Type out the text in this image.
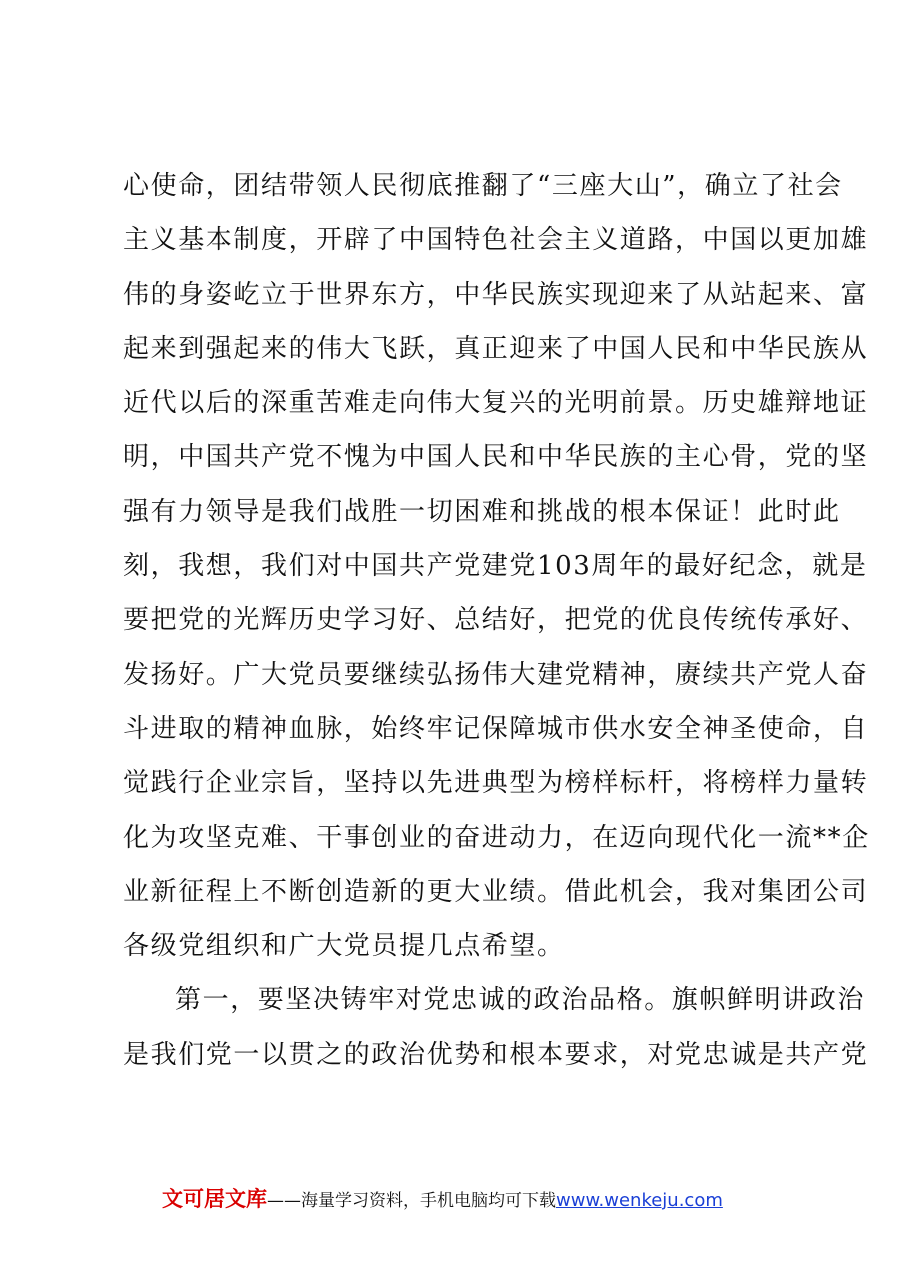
心使命，团结带领人民彻底推翻了“三座大山”，确立了社会
主义基本制度，开辟了中国特色社会主义道路，中国以更加雄
伟的身姿屹立于世界东方，中华民族实现迎来了从站起来、富
起来到强起来的伟大飞跃，真正迎来了中国人民和中华民族从
近代以后的深重苦难走向伟大复兴的光明前景。历史雄辩地证
明，中国共产党不愧为中国人民和中华民族的主心骨，党的坚
强有力领导是我们战胜一切困难和挑战的根本保证！此时此
刻，我想，我们对中国共产党建党103周年的最好纪念，就是
要把党的光辉历史学习好、总结好，把党的优良传统传承好、
发扬好。广大党员要继续弘扬伟大建党精神，赓续共产党人奋
斗进取的精神血脉，始终牢记保障城市供水安全神圣使命，自
觉践行企业宗旨，坚持以先进典型为榜样标杆，将榜样力量转
化为攻坚克难、干事创业的奋进动力，在迈向现代化一流**企
业新征程上不断创造新的更大业绩。借此机会，我对集团公司
各级党组织和广大党员提几点希望。
第一，要坚决铸牢对党忠诚的政治品格。旗帜鲜明讲政治
是我们党一以贯之的政治优势和根本要求，对党忠诚是共产党
文可居文库——海量学习资料，手机电脑均可下载www.wenkeju.com
